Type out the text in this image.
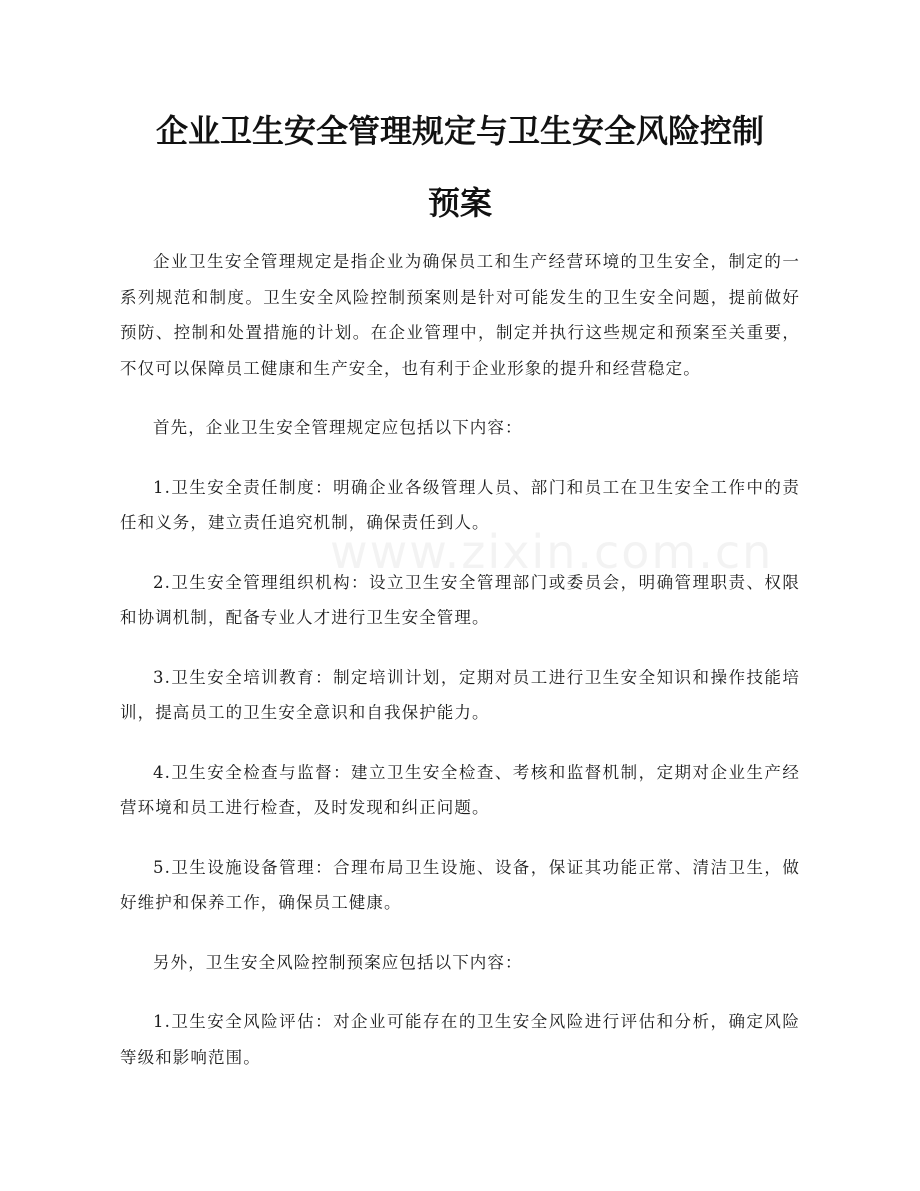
企业卫生安全管理规定与卫生安全风险控制
预案
www.zixin.com.cn

企业卫生安全管理规定是指企业为确保员工和生产经营环境的卫生安全，制定的一系列规范和制度。卫生安全风险控制预案则是针对可能发生的卫生安全问题，提前做好预防、控制和处置措施的计划。在企业管理中，制定并执行这些规定和预案至关重要，不仅可以保障员工健康和生产安全，也有利于企业形象的提升和经营稳定。

首先，企业卫生安全管理规定应包括以下内容：

1.卫生安全责任制度：明确企业各级管理人员、部门和员工在卫生安全工作中的责任和义务，建立责任追究机制，确保责任到人。

2.卫生安全管理组织机构：设立卫生安全管理部门或委员会，明确管理职责、权限和协调机制，配备专业人才进行卫生安全管理。

3.卫生安全培训教育：制定培训计划，定期对员工进行卫生安全知识和操作技能培训，提高员工的卫生安全意识和自我保护能力。

4.卫生安全检查与监督：建立卫生安全检查、考核和监督机制，定期对企业生产经营环境和员工进行检查，及时发现和纠正问题。

5.卫生设施设备管理：合理布局卫生设施、设备，保证其功能正常、清洁卫生，做好维护和保养工作，确保员工健康。

另外，卫生安全风险控制预案应包括以下内容：

1.卫生安全风险评估：对企业可能存在的卫生安全风险进行评估和分析，确定风险等级和影响范围。
